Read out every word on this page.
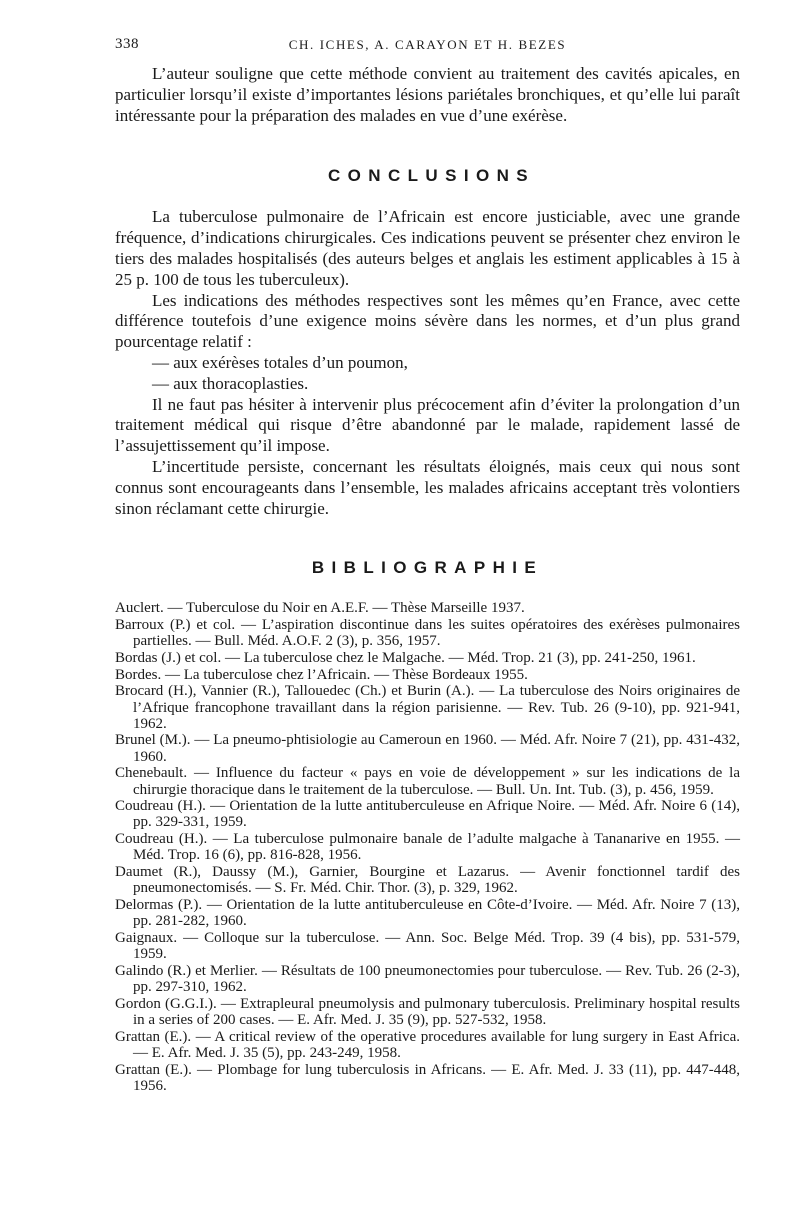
338	CH. ICHES, A. CARAYON ET H. BEZES

L’auteur souligne que cette méthode convient au traitement des cavités apicales, en particulier lorsqu’il existe d’importantes lésions pariétales bronchiques, et qu’elle lui paraît intéressante pour la préparation des malades en vue d’une exérèse.

CONCLUSIONS

La tuberculose pulmonaire de l’Africain est encore justiciable, avec une grande fréquence, d’indications chirurgicales. Ces indications peuvent se présenter chez environ le tiers des malades hospitalisés (des auteurs belges et anglais les estiment applicables à 15 à 25 p. 100 de tous les tuberculeux).

Les indications des méthodes respectives sont les mêmes qu’en France, avec cette différence toutefois d’une exigence moins sévère dans les normes, et d’un plus grand pourcentage relatif :

— aux exérèses totales d’un poumon,

— aux thoracoplasties.

Il ne faut pas hésiter à intervenir plus précocement afin d’éviter la prolongation d’un traitement médical qui risque d’être abandonné par le malade, rapidement lassé de l’assujettissement qu’il impose.

L’incertitude persiste, concernant les résultats éloignés, mais ceux qui nous sont connus sont encourageants dans l’ensemble, les malades africains acceptant très volontiers sinon réclamant cette chirurgie.

BIBLIOGRAPHIE
Auclert. — Tuberculose du Noir en A.E.F. — Thèse Marseille 1937.
Barroux (P.) et col. — L’aspiration discontinue dans les suites opératoires des exérèses pulmonaires partielles. — Bull. Méd. A.O.F. 2 (3), p. 356, 1957.
Bordas (J.) et col. — La tuberculose chez le Malgache. — Méd. Trop. 21 (3), pp. 241-250, 1961.
Bordes. — La tuberculose chez l’Africain. — Thèse Bordeaux 1955.
Brocard (H.), Vannier (R.), Tallouedec (Ch.) et Burin (A.). — La tuberculose des Noirs originaires de l’Afrique francophone travaillant dans la région parisienne. — Rev. Tub. 26 (9-10), pp. 921-941, 1962.
Brunel (M.). — La pneumo-phtisiologie au Cameroun en 1960. — Méd. Afr. Noire 7 (21), pp. 431-432, 1960.
Chenebault. — Influence du facteur « pays en voie de développement » sur les indications de la chirurgie thoracique dans le traitement de la tuberculose. — Bull. Un. Int. Tub. (3), p. 456, 1959.
Coudreau (H.). — Orientation de la lutte antituberculeuse en Afrique Noire. — Méd. Afr. Noire 6 (14), pp. 329-331, 1959.
Coudreau (H.). — La tuberculose pulmonaire banale de l’adulte malgache à Tananarive en 1955. — Méd. Trop. 16 (6), pp. 816-828, 1956.
Daumet (R.), Daussy (M.), Garnier, Bourgine et Lazarus. — Avenir fonctionnel tardif des pneumonectomisés. — S. Fr. Méd. Chir. Thor. (3), p. 329, 1962.
Delormas (P.). — Orientation de la lutte antituberculeuse en Côte-d’Ivoire. — Méd. Afr. Noire 7 (13), pp. 281-282, 1960.
Gaignaux. — Colloque sur la tuberculose. — Ann. Soc. Belge Méd. Trop. 39 (4 bis), pp. 531-579, 1959.
Galindo (R.) et Merlier. — Résultats de 100 pneumonectomies pour tuberculose. — Rev. Tub. 26 (2-3), pp. 297-310, 1962.
Gordon (G.G.I.). — Extrapleural pneumolysis and pulmonary tuberculosis. Preliminary hospital results in a series of 200 cases. — E. Afr. Med. J. 35 (9), pp. 527-532, 1958.
Grattan (E.). — A critical review of the operative procedures available for lung surgery in East Africa. — E. Afr. Med. J. 35 (5), pp. 243-249, 1958.
Grattan (E.). — Plombage for lung tuberculosis in Africans. — E. Afr. Med. J. 33 (11), pp. 447-448, 1956.
